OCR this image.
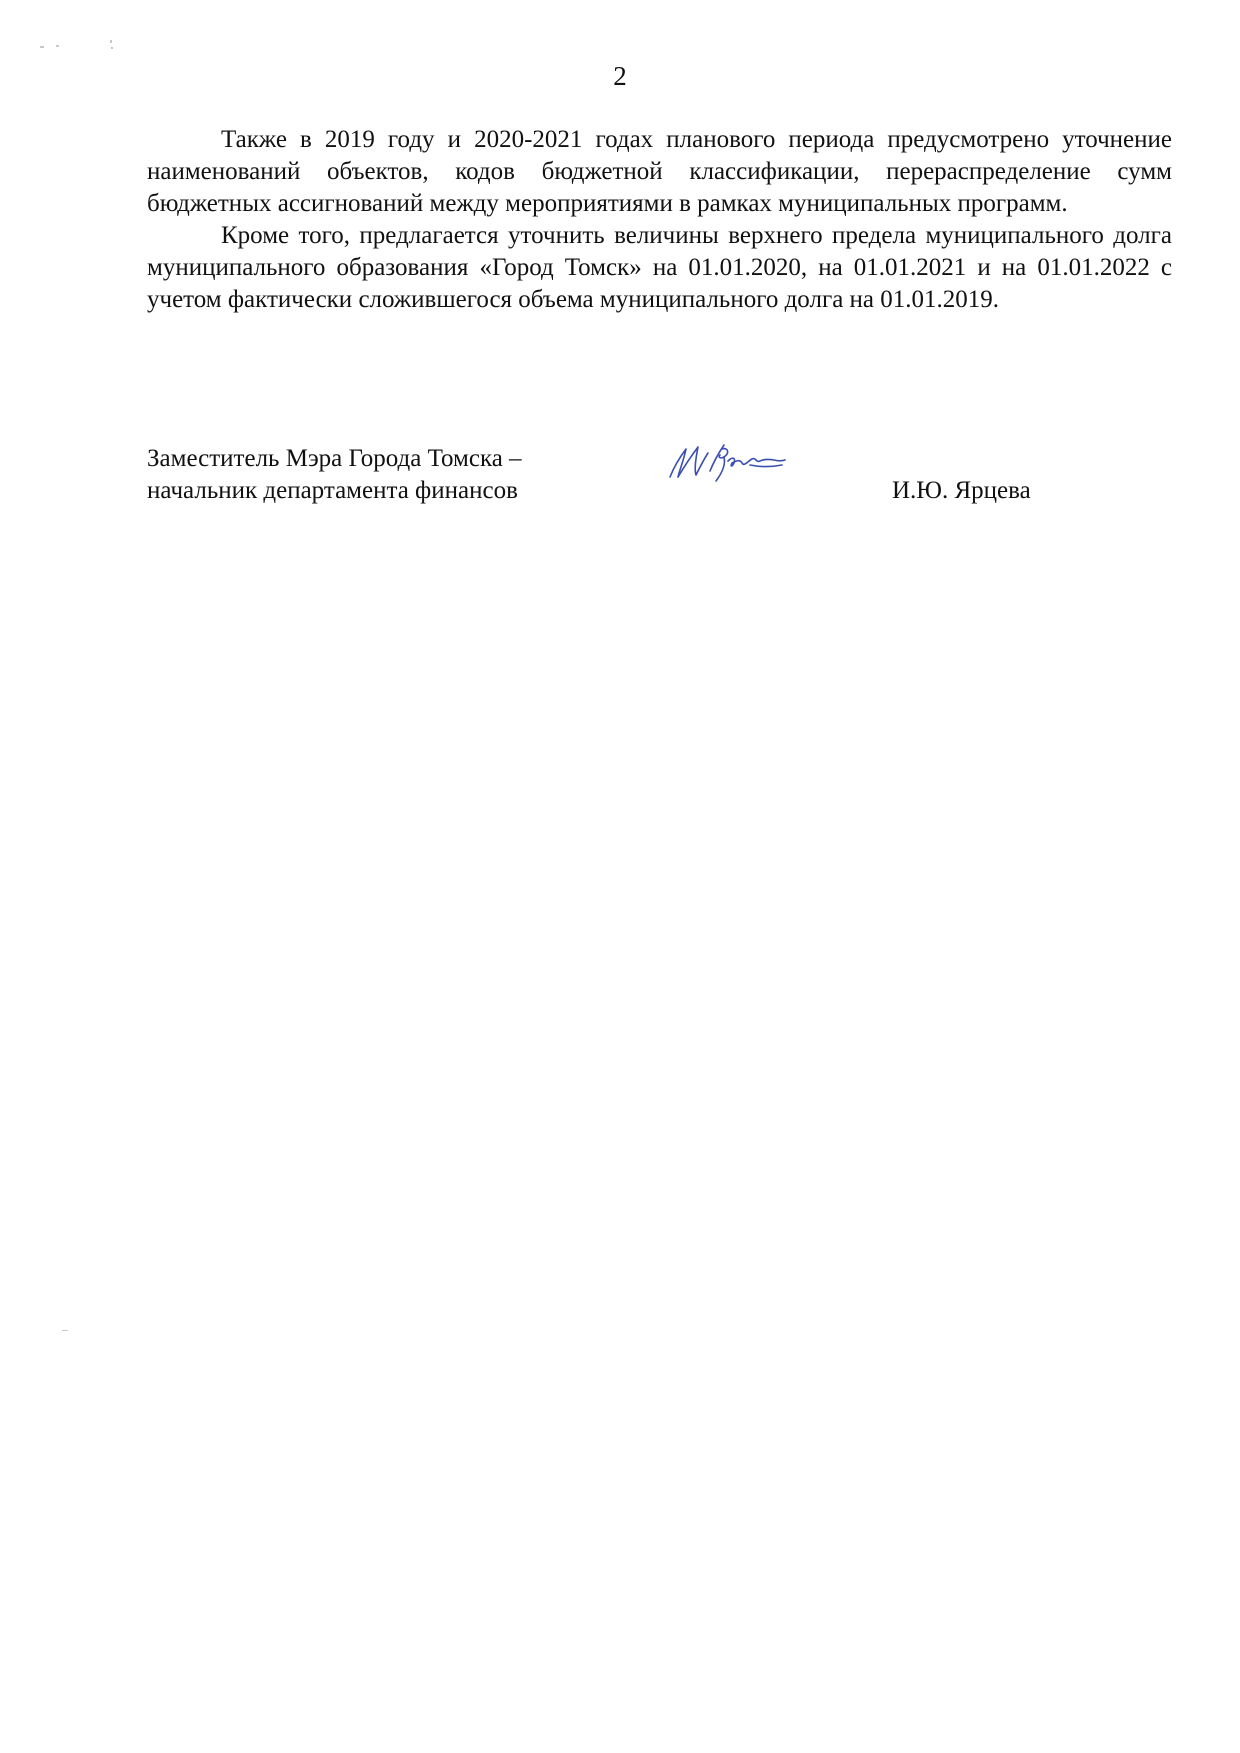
2

Также в 2019 году и 2020-2021 годах планового периода предусмотрено уточнение наименований объектов, кодов бюджетной классификации, перераспределение сумм бюджетных ассигнований между мероприятиями в рамках муниципальных программ.

Кроме того, предлагается уточнить величины верхнего предела муниципального долга муниципального образования «Город Томск» на 01.01.2020, на 01.01.2021 и на 01.01.2022 с учетом фактически сложившегося объема муниципального долга на 01.01.2019.

Заместитель Мэра Города Томска –
начальник департамента финансов	И.Ю. Ярцева
